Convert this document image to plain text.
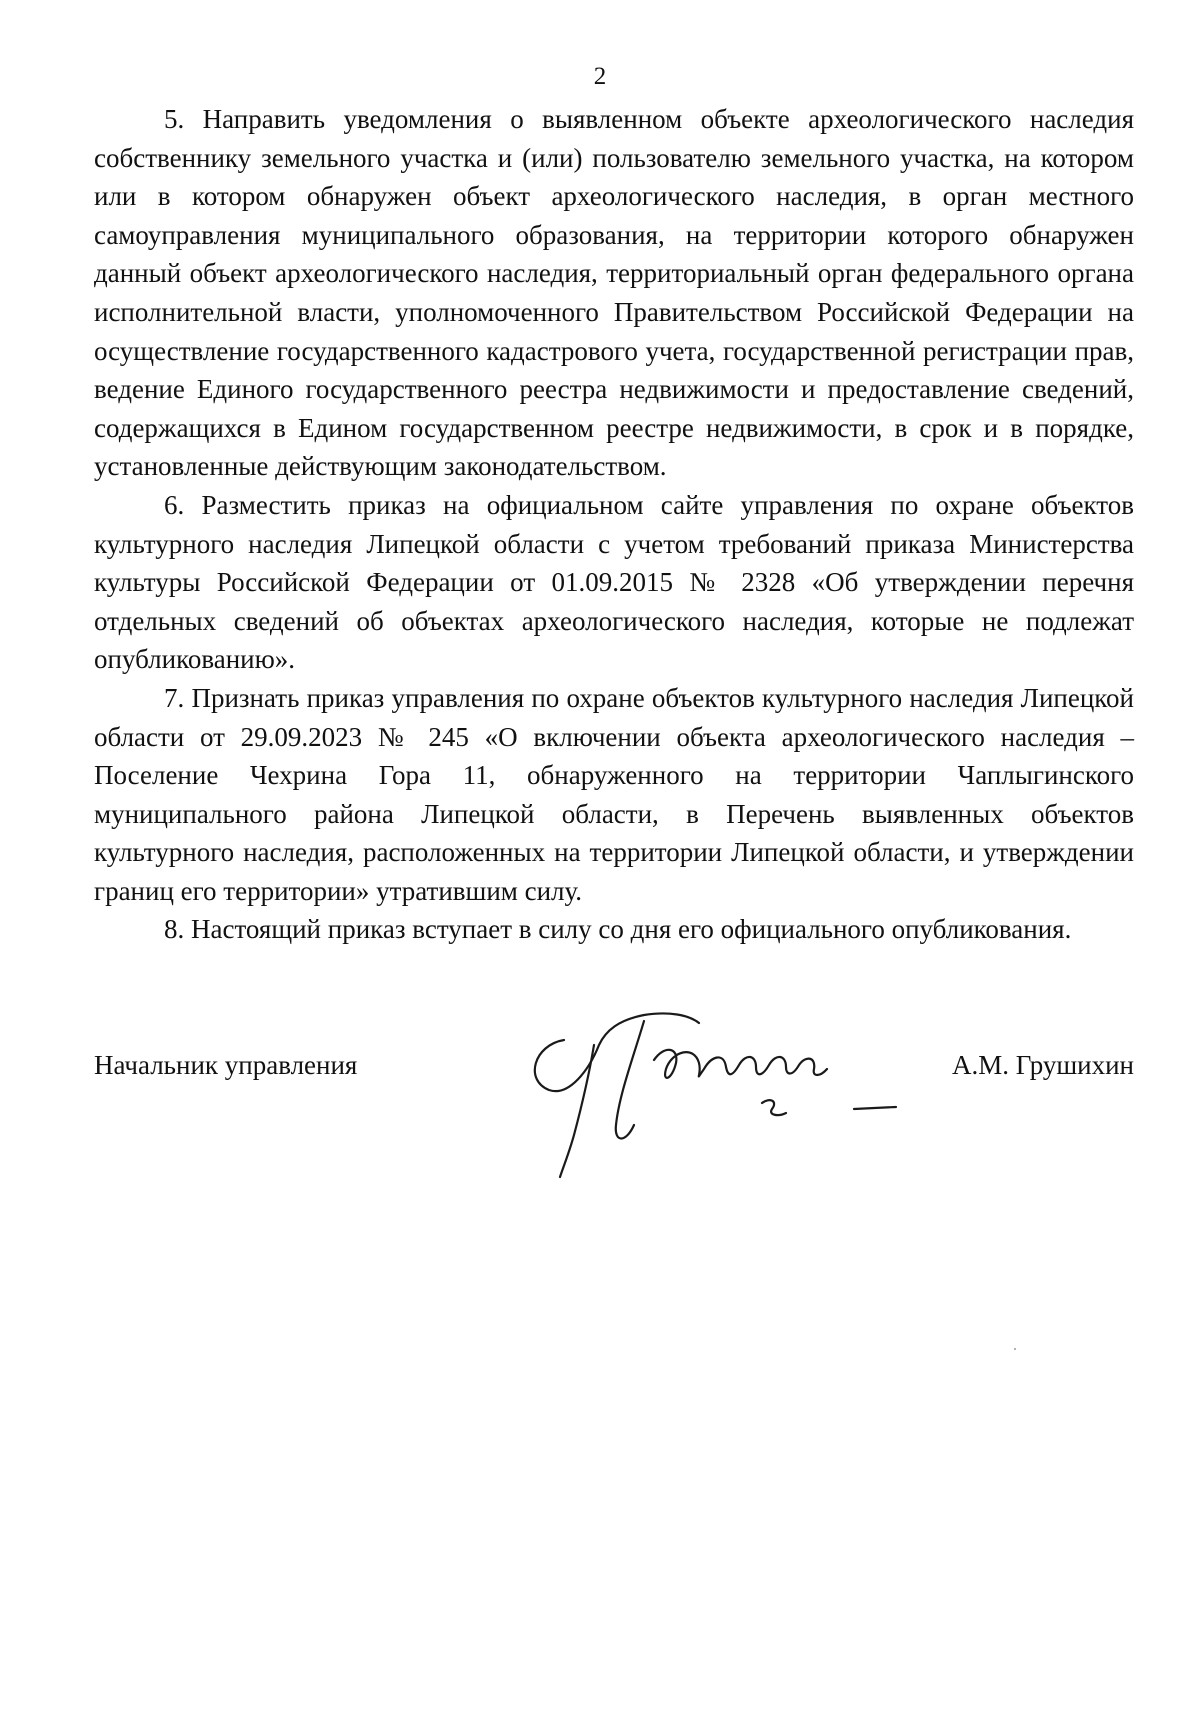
2

5. Направить уведомления о выявленном объекте археологического наследия собственнику земельного участка и (или) пользователю земельного участка, на котором или в котором обнаружен объект археологического наследия, в орган местного самоуправления муниципального образования, на территории которого обнаружен данный объект археологического наследия, территориальный орган федерального органа исполнительной власти, уполномоченного Правительством Российской Федерации на осуществление государственного кадастрового учета, государственной регистрации прав, ведение Единого государственного реестра недвижимости и предоставление сведений, содержащихся в Едином государственном реестре недвижимости, в срок и в порядке, установленные действующим законодательством.

6. Разместить приказ на официальном сайте управления по охране объектов культурного наследия Липецкой области с учетом требований приказа Министерства культуры Российской Федерации от 01.09.2015 № 2328 «Об утверждении перечня отдельных сведений об объектах археологического наследия, которые не подлежат опубликованию».

7. Признать приказ управления по охране объектов культурного наследия Липецкой области от 29.09.2023 № 245 «О включении объекта археологического наследия – Поселение Чехрина Гора 11, обнаруженного на территории Чаплыгинского муниципального района Липецкой области, в Перечень выявленных объектов культурного наследия, расположенных на территории Липецкой области, и утверждении границ его территории» утратившим силу.

8. Настоящий приказ вступает в силу со дня его официального опубликования.

Начальник управления	А.М. Грушихин
